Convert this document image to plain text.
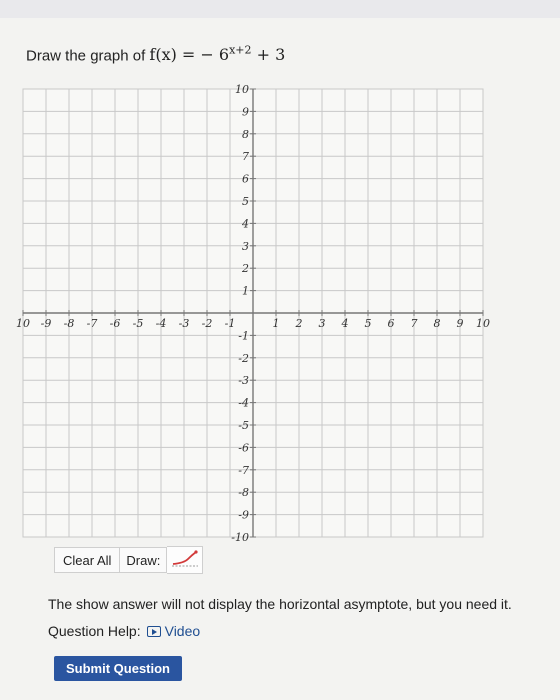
Draw the graph of f(x) = − $6^{x+2} + 3$
10 -9 -8 -7 -6 -5 -4 -3 -2 -1	1 2 3 4 5 6 7 8 9 10
10
9
8
7
6
5
4
3
2
1
-1
-2
-3
-4
-5
-6
-7
-8
-9
-10
Clear All	Draw:
The show answer will not display the horizontal asymptote, but you need it.
Question Help: Video
Submit Question
